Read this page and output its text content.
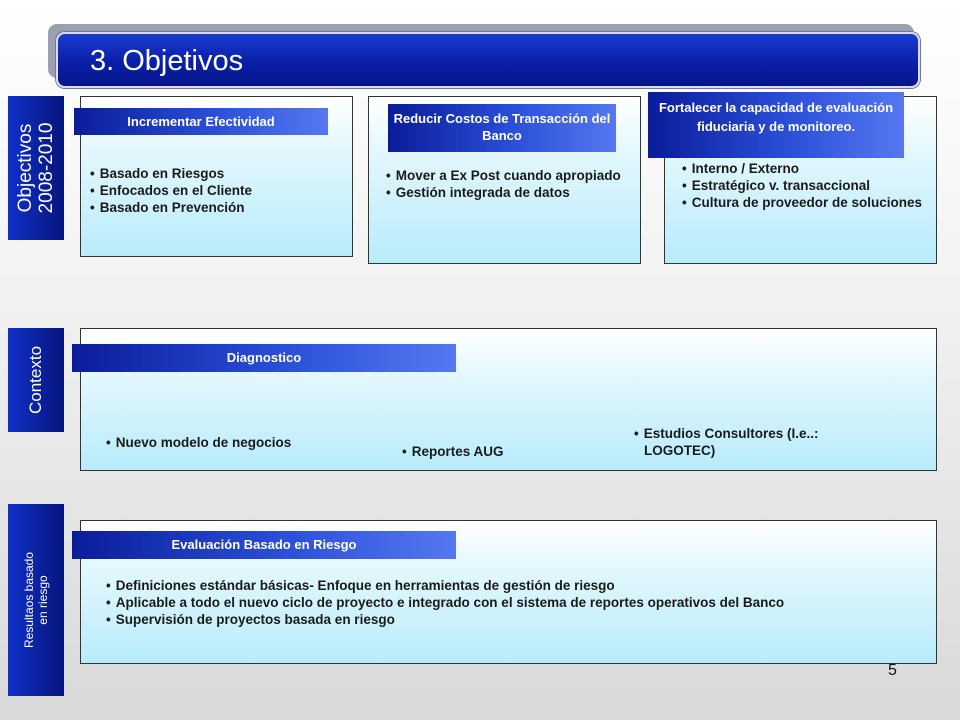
3. Objetivos
Objectivos 2008-2010
Incrementar Efectividad
• Basado en Riesgos
• Enfocados en el Cliente
• Basado en Prevención
Reducir Costos de Transacción del Banco
• Mover a Ex Post cuando apropiado
• Gestión integrada de datos
Fortalecer la capacidad de evaluación fiduciaria y de monitoreo.
• Interno / Externo
• Estratégico v. transaccional
• Cultura de proveedor de soluciones
Contexto	Diagnostico
• Nuevo modelo de negocios
• Reportes AUG
• Estudios Consultores (I.e..: LOGOTEC)
Resultaos basado en riesgo
Evaluación Basado en Riesgo
• Definiciones estándar básicas- Enfoque en herramientas de gestión de riesgo
• Aplicable a todo el nuevo ciclo de proyecto e integrado con el sistema de reportes operativos del Banco
• Supervisión de proyectos basada en riesgo
5
